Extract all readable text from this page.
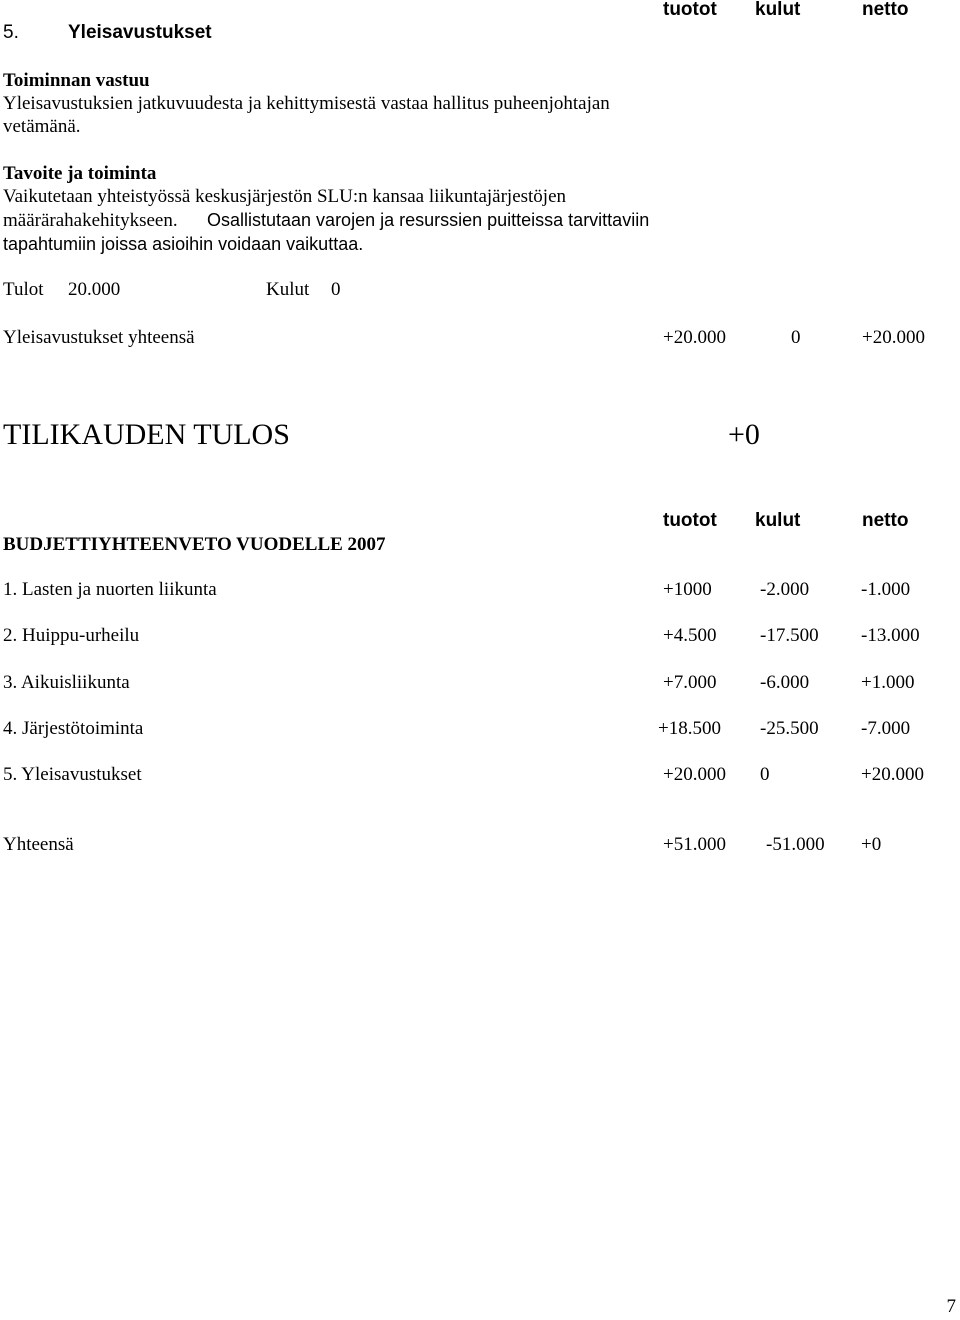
5.	Yleisavustukset
tuotot kulut	netto
Toiminnan vastuu
Yleisavustuksien jatkuvuudesta ja kehittymisestä vastaa hallitus puheenjohtajan
vetämänä.
Tavoite ja toiminta
Vaikutetaan yhteistyössä keskusjärjestön SLU:n kansaa liikuntajärjestöjen
määrärahakehitykseen. Osallistutaan varojen ja resurssien puitteissa tarvittaviin
tapahtumiin joissa asioihin voidaan vaikuttaa.
Tulot 20.000	Kulut 0
Yleisavustukset yhteensä	+20.000	0	+20.000
TILIKAUDEN TULOS	+0
BUDJETTIYHTEENVETO VUODELLE 2007
tuotot kulut	netto
1. Lasten ja nuorten liikunta	+1000	-2.000	-1.000
2. Huippu-urheilu	+4.500 -17.500 -13.000
3. Aikuisliikunta	+7.000 -6.000	+1.000
4. Järjestötoiminta	+18.500 -25.500 -7.000
5. Yleisavustukset	+20.000 0	+20.000
Yhteensä	+51.000 -51.000 +0
7
